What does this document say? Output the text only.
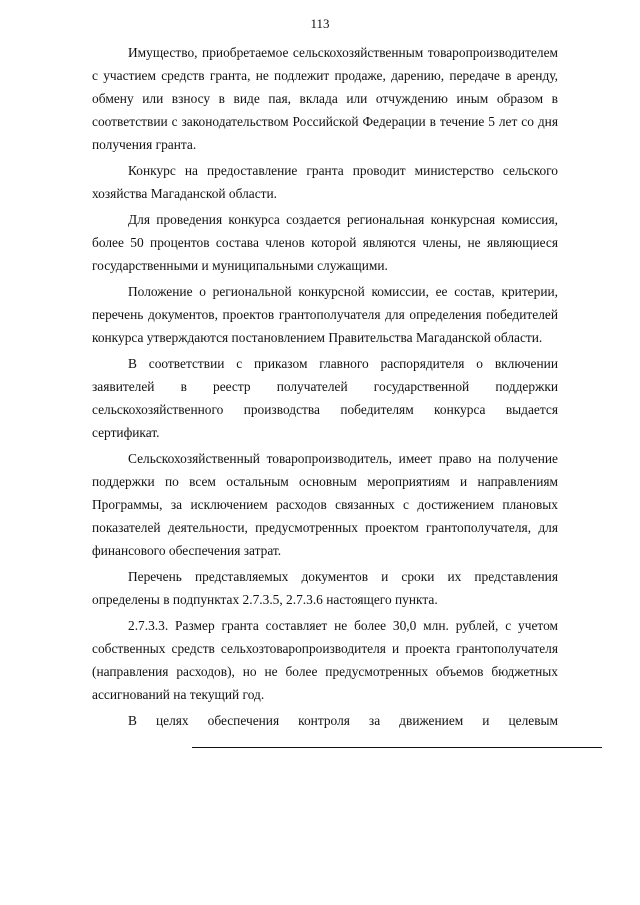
113

Имущество, приобретаемое сельскохозяйственным товаропроизводителем с участием средств гранта, не подлежит продаже, дарению, передаче в аренду, обмену или взносу в виде пая, вклада или отчуждению иным образом в соответствии с законодательством Российской Федерации в течение 5 лет со дня получения гранта.

Конкурс на предоставление гранта проводит министерство сельского хозяйства Магаданской области.

Для проведения конкурса создается региональная конкурсная комиссия, более 50 процентов состава членов которой являются члены, не являющиеся государственными и муниципальными служащими.

Положение о региональной конкурсной комиссии, ее состав, критерии, перечень документов, проектов грантополучателя для определения победителей конкурса утверждаются постановлением Правительства Магаданской области.

В соответствии с приказом главного распорядителя о включении заявителей в реестр получателей государственной поддержки сельскохозяйственного производства победителям конкурса выдается сертификат.

Сельскохозяйственный товаропроизводитель, имеет право на получение поддержки по всем остальным основным мероприятиям и направлениям Программы, за исключением расходов связанных с достижением плановых показателей деятельности, предусмотренных проектом грантополучателя, для финансового обеспечения затрат.

Перечень представляемых документов и сроки их представления определены в подпунктах 2.7.3.5, 2.7.3.6 настоящего пункта.

2.7.3.3. Размер гранта составляет не более 30,0 млн. рублей, с учетом собственных средств сельхозтоваропроизводителя и проекта грантополучателя (направления расходов), но не более предусмотренных объемов бюджетных ассигнований на текущий год.

В целях обеспечения контроля за движением и целевым
